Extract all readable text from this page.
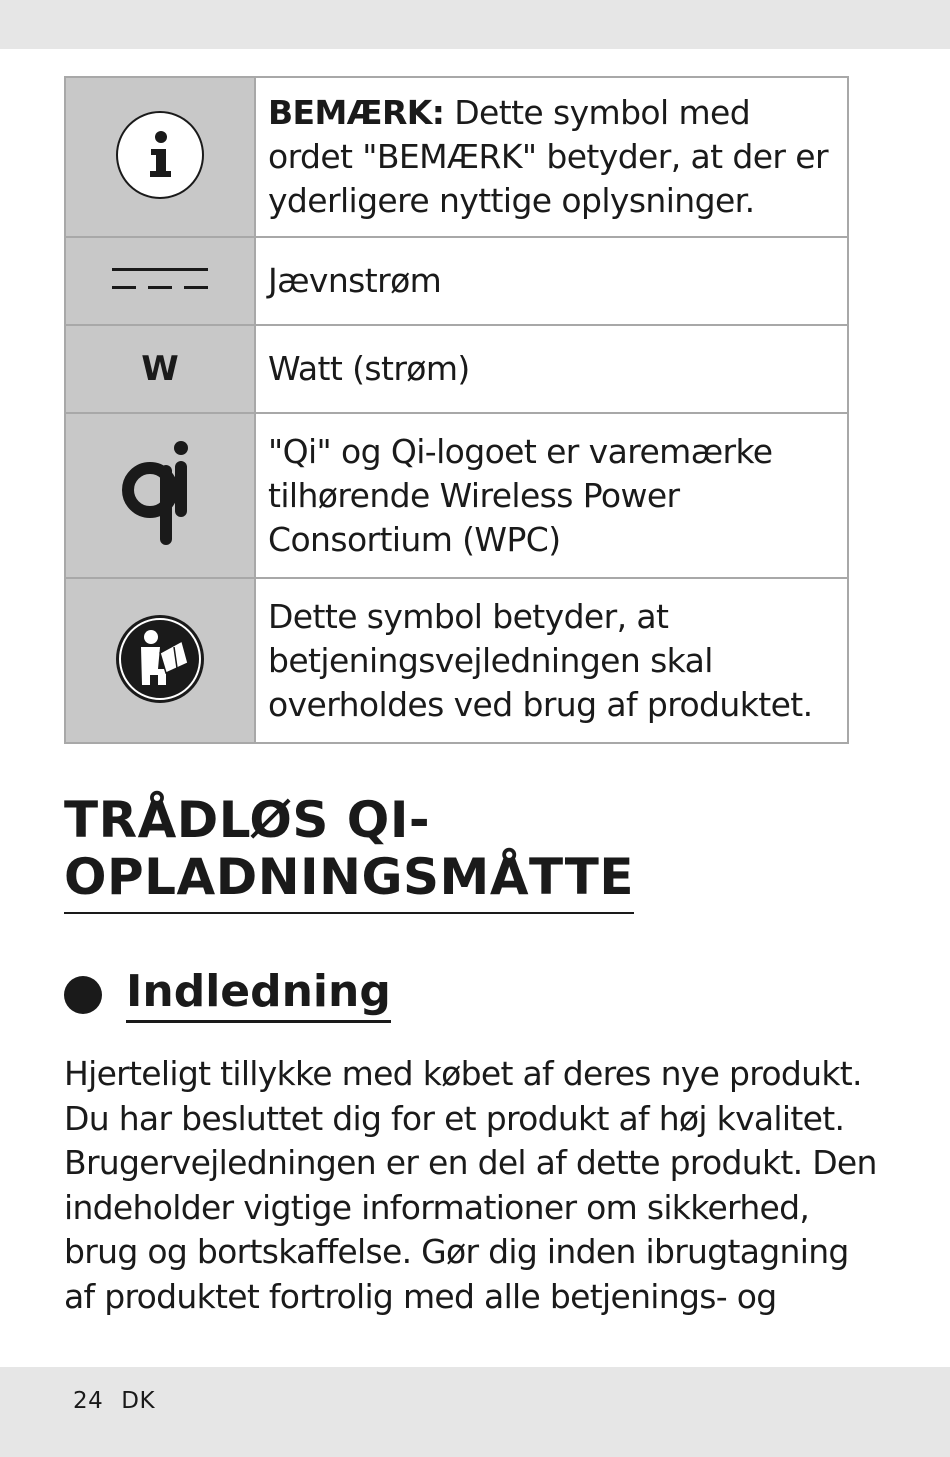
	BEMÆRK: Dette symbol med
ordet "BEMÆRK" betyder, at der er
yderligere nyttige oplysninger.
	Jævnstrøm
W	Watt (strøm)
	"Qi" og Qi-logoet er varemærke
tilhørende Wireless Power
Consortium (WPC)
	Dette symbol betyder, at
betjeningsvejledningen skal
overholdes ved brug af produktet.
TRÅDLØS QI-
OPLADNINGSMÅTTE
Indledning

Hjerteligt tillykke med købet af deres nye produkt.
Du har besluttet dig for et produkt af høj kvalitet.
Brugervejledningen er en del af dette produkt. Den
indeholder vigtige informationer om sikkerhed,
brug og bortskaffelse. Gør dig inden ibrugtagning
af produktet fortrolig med alle betjenings- og

24 DK
